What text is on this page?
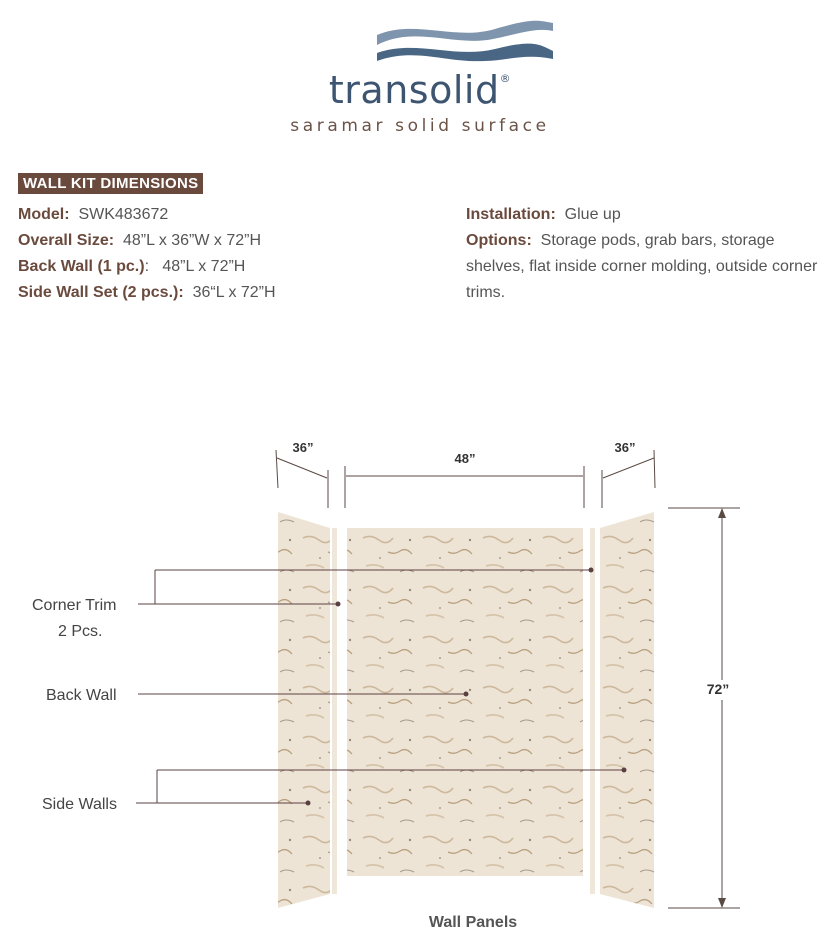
transolid®
saramar solid surface
WALL KIT DIMENSIONS
Model: SWK483672
Overall Size: 48”L x 36”W x 72”H
Back Wall (1 pc.):   48”L x 72”H
Side Wall Set (2 pcs.): 36“L x 72”H
Installation: Glue up
Options: Storage pods, grab bars, storage shelves, flat inside corner molding, outside corner trims.
36”
48”
36”
72”
Corner Trim
2 Pcs.
Back Wall
Side Walls
Wall Panels
